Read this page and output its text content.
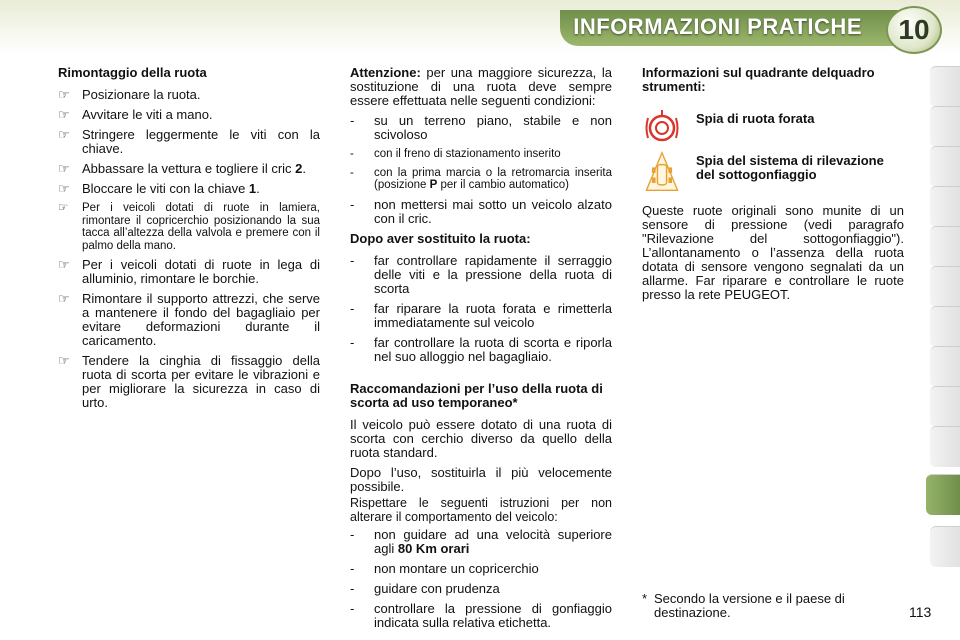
INFORMAZIONI PRATICHE 10
Rimontaggio della ruota
☞ Posizionare la ruota.
☞ Avvitare le viti a mano.
☞ Stringere leggermente le viti con la chiave.
☞ Abbassare la vettura e togliere il cric 2.
☞ Bloccare le viti con la chiave 1.
☞	Per i veicoli dotati di ruote in lamiera, rimontare il copricerchio posizionando la sua tacca all’altezza della valvola e premere con il palmo della mano.
☞ Per i veicoli dotati di ruote in lega di alluminio, rimontare le borchie.
☞ Rimontare il supporto attrezzi, che serve a mantenere il fondo del bagagliaio per evitare deformazioni durante il caricamento.
☞ Tendere la cinghia di fissaggio della ruota di scorta per evitare le vibrazioni e per migliorare la sicurezza in caso di urto.

Attenzione: per una maggiore sicurezza, la sostituzione di una ruota deve sempre essere effettuata nelle seguenti condizioni:

-	su un terreno piano, stabile e non scivoloso
-	con il freno di stazionamento inserito
-	con la prima marcia o la retromarcia inserita (posizione P per il cambio automatico)
-	non mettersi mai sotto un veicolo alzato con il cric.
Dopo aver sostituito la ruota:
-	far controllare rapidamente il serraggio delle viti e la pressione della ruota di scorta
-	far riparare la ruota forata e rimetterla immediatamente sul veicolo
-	far controllare la ruota di scorta e riporla nel suo alloggio nel bagagliaio.
Raccomandazioni per l’uso della ruota di scorta ad uso temporaneo*

Il veicolo può essere dotato di una ruota di scorta con cerchio diverso da quello della ruota standard.

Dopo l’uso, sostituirla il più velocemente possibile.

Rispettare le seguenti istruzioni per non alterare il comportamento del veicolo:

-	non guidare ad una velocità superiore agli 80 Km orari
-	non montare un copricerchio
-	guidare con prudenza
-	controllare la pressione di gonfiaggio indicata sulla relativa etichetta.
Informazioni sul quadrante delquadro strumenti:
Spia di ruota forata
Spia del sistema di rilevazione del sottogonfiaggio

Queste ruote originali sono munite di un sensore di pressione (vedi paragrafo "Rilevazione del sottogonfiaggio"). L’allontanamento o l’assenza della ruota dotata di sensore vengono segnalati da un allarme. Far riparare e controllare le ruote presso la rete PEUGEOT.

* Secondo la versione e il paese di destinazione.	113
